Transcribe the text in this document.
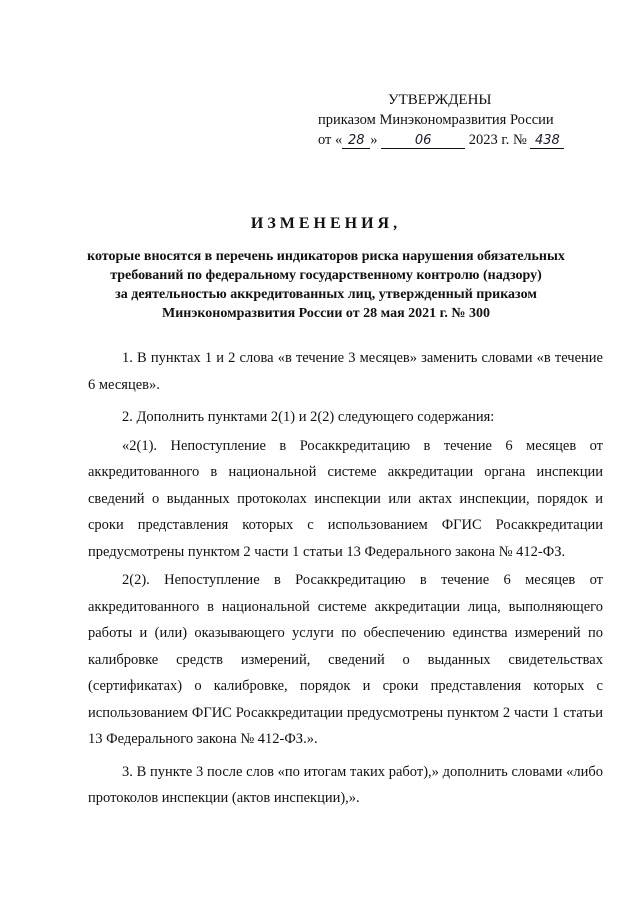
УТВЕРЖДЕНЫ
приказом Минэкономразвития России
от « 28 »	06	2023 г. № 438
ИЗМЕНЕНИЯ,
которые вносятся в перечень индикаторов риска нарушения обязательных
требований по федеральному государственному контролю (надзору)
за деятельностью аккредитованных лиц, утвержденный приказом
Минэкономразвития России от 28 мая 2021 г. № 300

1. В пунктах 1 и 2 слова «в течение 3 месяцев» заменить словами «в течение 6 месяцев».

2. Дополнить пунктами 2(1) и 2(2) следующего содержания:

«2(1). Непоступление в Росаккредитацию в течение 6 месяцев от аккредитованного в национальной системе аккредитации органа инспекции сведений о выданных протоколах инспекции или актах инспекции, порядок и сроки представления которых с использованием ФГИС Росаккредитации предусмотрены пунктом 2 части 1 статьи 13 Федерального закона № 412-ФЗ.

2(2). Непоступление в Росаккредитацию в течение 6 месяцев от аккредитованного в национальной системе аккредитации лица, выполняющего работы и (или) оказывающего услуги по обеспечению единства измерений по калибровке средств измерений, сведений о выданных свидетельствах (сертификатах) о калибровке, порядок и сроки представления которых с использованием ФГИС Росаккредитации предусмотрены пунктом 2 части 1 статьи 13 Федерального закона № 412-ФЗ.».

3. В пункте 3 после слов «по итогам таких работ),» дополнить словами «либо протоколов инспекции (актов инспекции),».
